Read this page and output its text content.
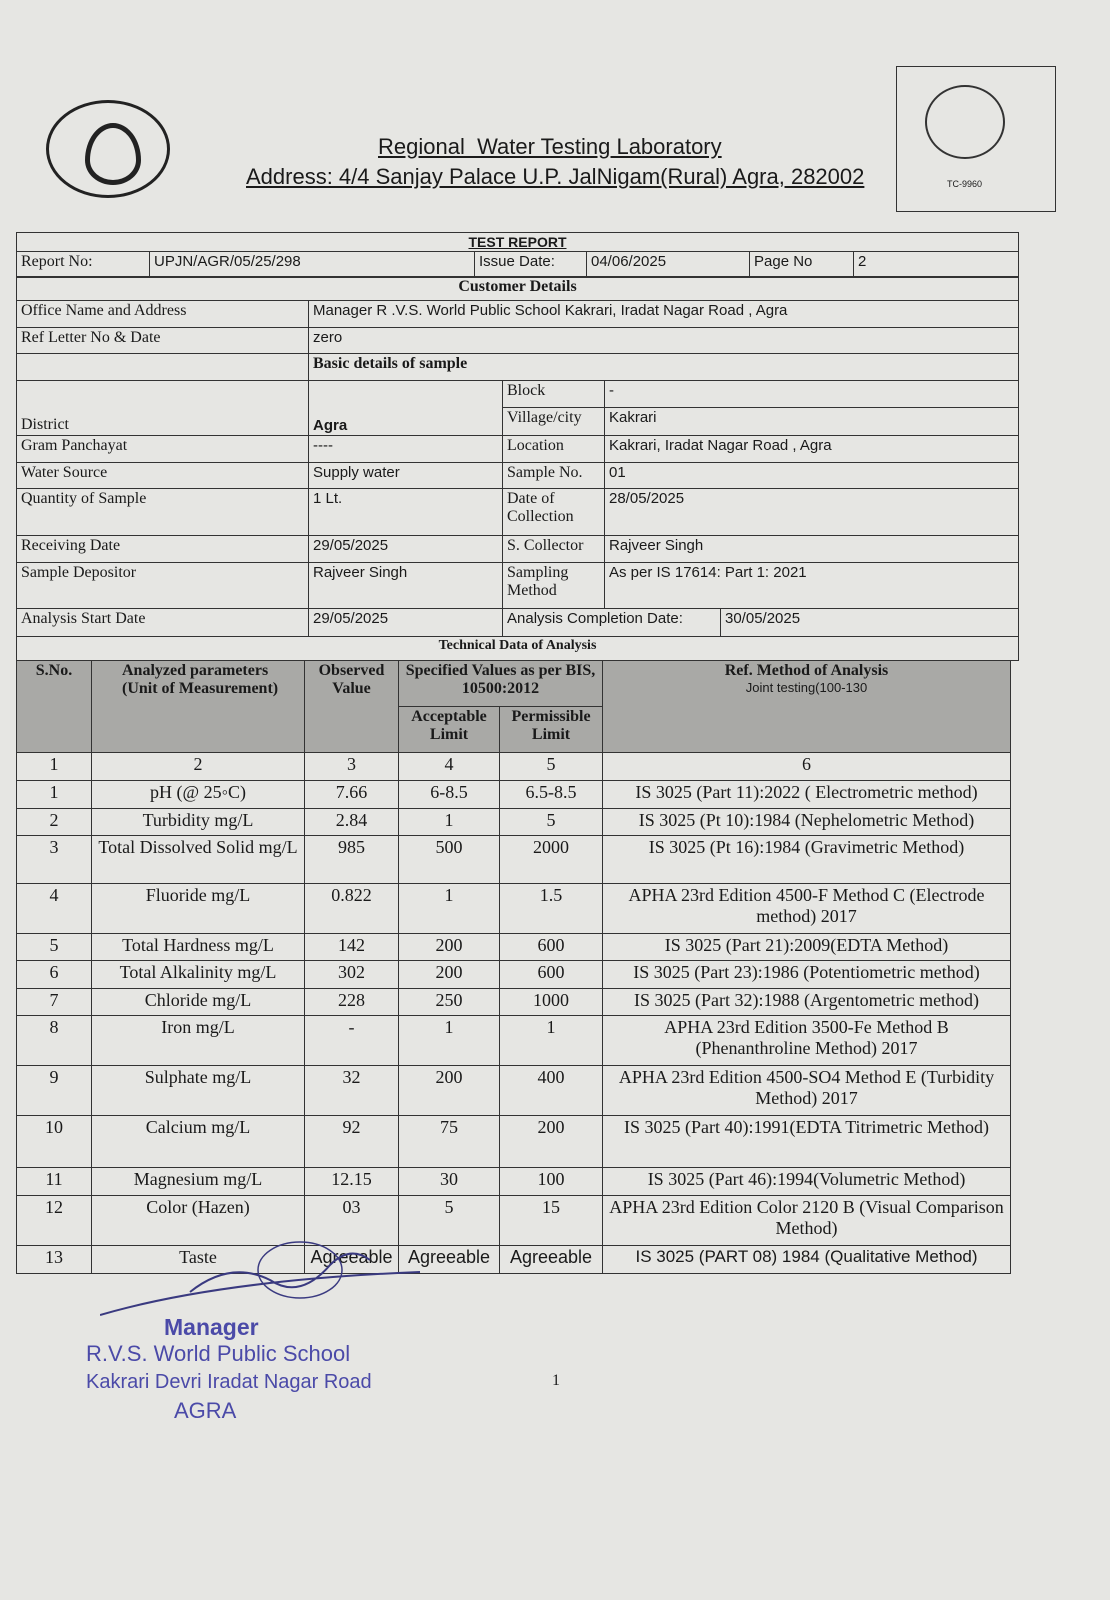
Regional  Water Testing Laboratory
Address: 4/4 Sanjay Palace U.P. JalNigam(Rural) Agra, 282002	TC-9960
TEST REPORT
Report No:	UPJN/AGR/05/25/298	Issue Date:	04/06/2025	Page No	2
Customer Details			
Office Name and Address	Manager R .V.S. World Public School Kakrari, Iradat Nagar Road , Agra		
Ref Letter No & Date	zero		
	Basic details of sample		
District	Agra	Block	-
		Village/city	Kakrari
Gram Panchayat	----	Location	Kakrari, Iradat Nagar Road , Agra
Water Source	Supply water	Sample No.	01
Quantity of Sample	1 Lt.	Date of Collection	28/05/2025
Receiving Date	29/05/2025	S. Collector	Rajveer Singh
Sample Depositor	Rajveer Singh	Sampling Method	As per IS 17614: Part 1: 2021
Analysis Start Date	29/05/2025	Analysis Completion Date:	30/05/2025
Technical Data of Analysis
S.No.	Analyzed parameters (Unit of Measurement)	Observed Value	Specified Values as per BIS, 10500:2012		Ref. Method of Analysis
Joint testing(100-130

			Acceptable Limit	Permissible Limit	
1	2	3	4	5	6
1	pH (@ 25◦C)	7.66	6-8.5	6.5-8.5	IS 3025 (Part 11):2022 ( Electrometric method)
2	Turbidity mg/L	2.84	1	5	IS 3025 (Pt 10):1984 (Nephelometric Method)
3	Total Dissolved Solid mg/L	985	500	2000	IS 3025 (Pt 16):1984 (Gravimetric Method)
4	Fluoride mg/L	0.822	1	1.5	APHA 23rd Edition 4500-F Method C (Electrode method) 2017
5	Total Hardness mg/L	142	200	600	IS 3025 (Part 21):2009(EDTA Method)
6	Total Alkalinity mg/L	302	200	600	IS 3025 (Part 23):1986 (Potentiometric method)
7	Chloride mg/L	228	250	1000	IS 3025 (Part 32):1988 (Argentometric method)
8	Iron mg/L	-	1	1	APHA 23rd Edition 3500-Fe Method B (Phenanthroline Method) 2017
9	Sulphate mg/L	32	200	400	APHA 23rd Edition 4500-SO4 Method E (Turbidity Method) 2017
10	Calcium mg/L	92	75	200	IS 3025 (Part 40):1991(EDTA Titrimetric Method)
11	Magnesium mg/L	12.15	30	100	IS 3025 (Part 46):1994(Volumetric Method)
12	Color (Hazen)	03	5	15	APHA 23rd Edition Color 2120 B (Visual Comparison Method)
13	Taste	Agreeable	Agreeable	Agreeable	IS 3025 (PART 08) 1984 (Qualitative Method)
Manager
R.V.S. World Public School
Kakrari Devri Iradat Nagar Road
AGRA
1
